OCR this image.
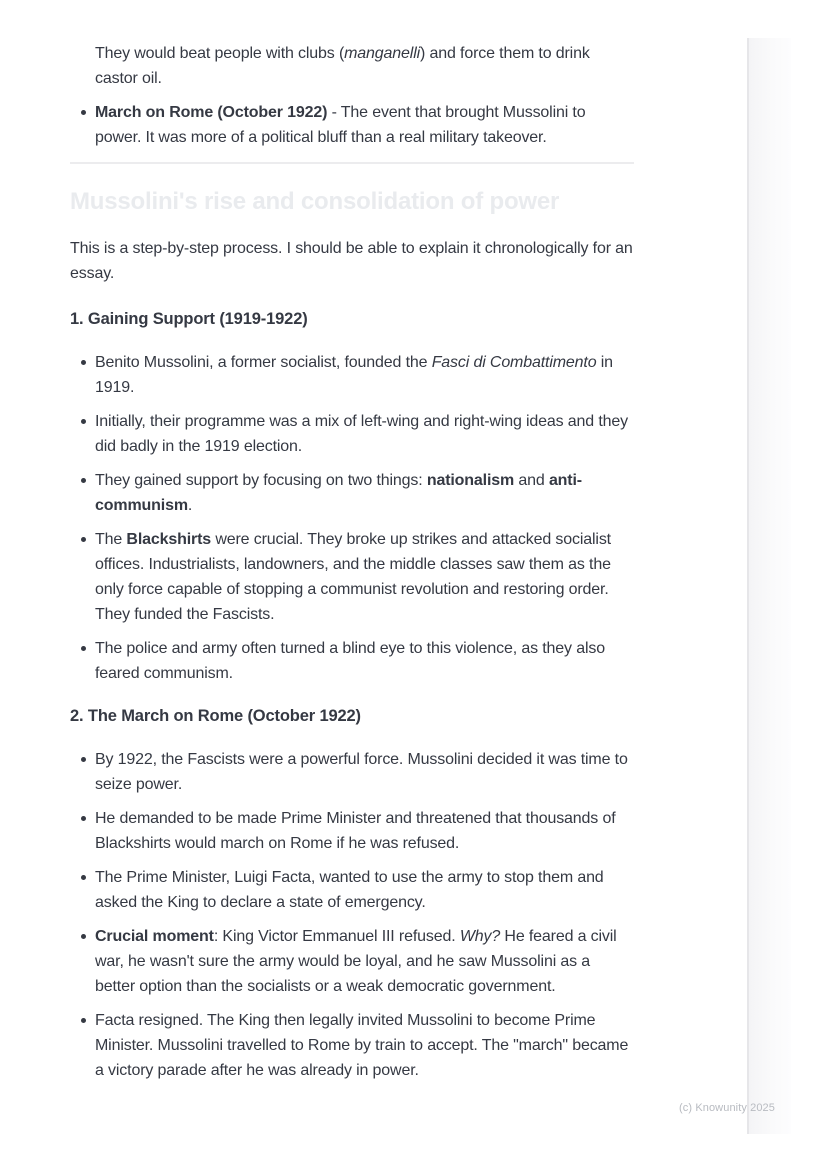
They would beat people with clubs (manganelli) and force them to drink castor oil.
March on Rome (October 1922) - The event that brought Mussolini to power. It was more of a political bluff than a real military takeover.
Mussolini's rise and consolidation of power

This is a step-by-step process. I should be able to explain it chronologically for an essay.

1. Gaining Support (1919-1922)
Benito Mussolini, a former socialist, founded the Fasci di Combattimento in 1919.
Initially, their programme was a mix of left-wing and right-wing ideas and they did badly in the 1919 election.
They gained support by focusing on two things: nationalism and anti-communism.
The Blackshirts were crucial. They broke up strikes and attacked socialist offices. Industrialists, landowners, and the middle classes saw them as the only force capable of stopping a communist revolution and restoring order. They funded the Fascists.
The police and army often turned a blind eye to this violence, as they also feared communism.
2. The March on Rome (October 1922)
By 1922, the Fascists were a powerful force. Mussolini decided it was time to seize power.
He demanded to be made Prime Minister and threatened that thousands of Blackshirts would march on Rome if he was refused.
The Prime Minister, Luigi Facta, wanted to use the army to stop them and asked the King to declare a state of emergency.
Crucial moment: King Victor Emmanuel III refused. Why? He feared a civil war, he wasn't sure the army would be loyal, and he saw Mussolini as a better option than the socialists or a weak democratic government.
Facta resigned. The King then legally invited Mussolini to become Prime Minister. Mussolini travelled to Rome by train to accept. The "march" became a victory parade after he was already in power.
(c) Knowunity 2025
